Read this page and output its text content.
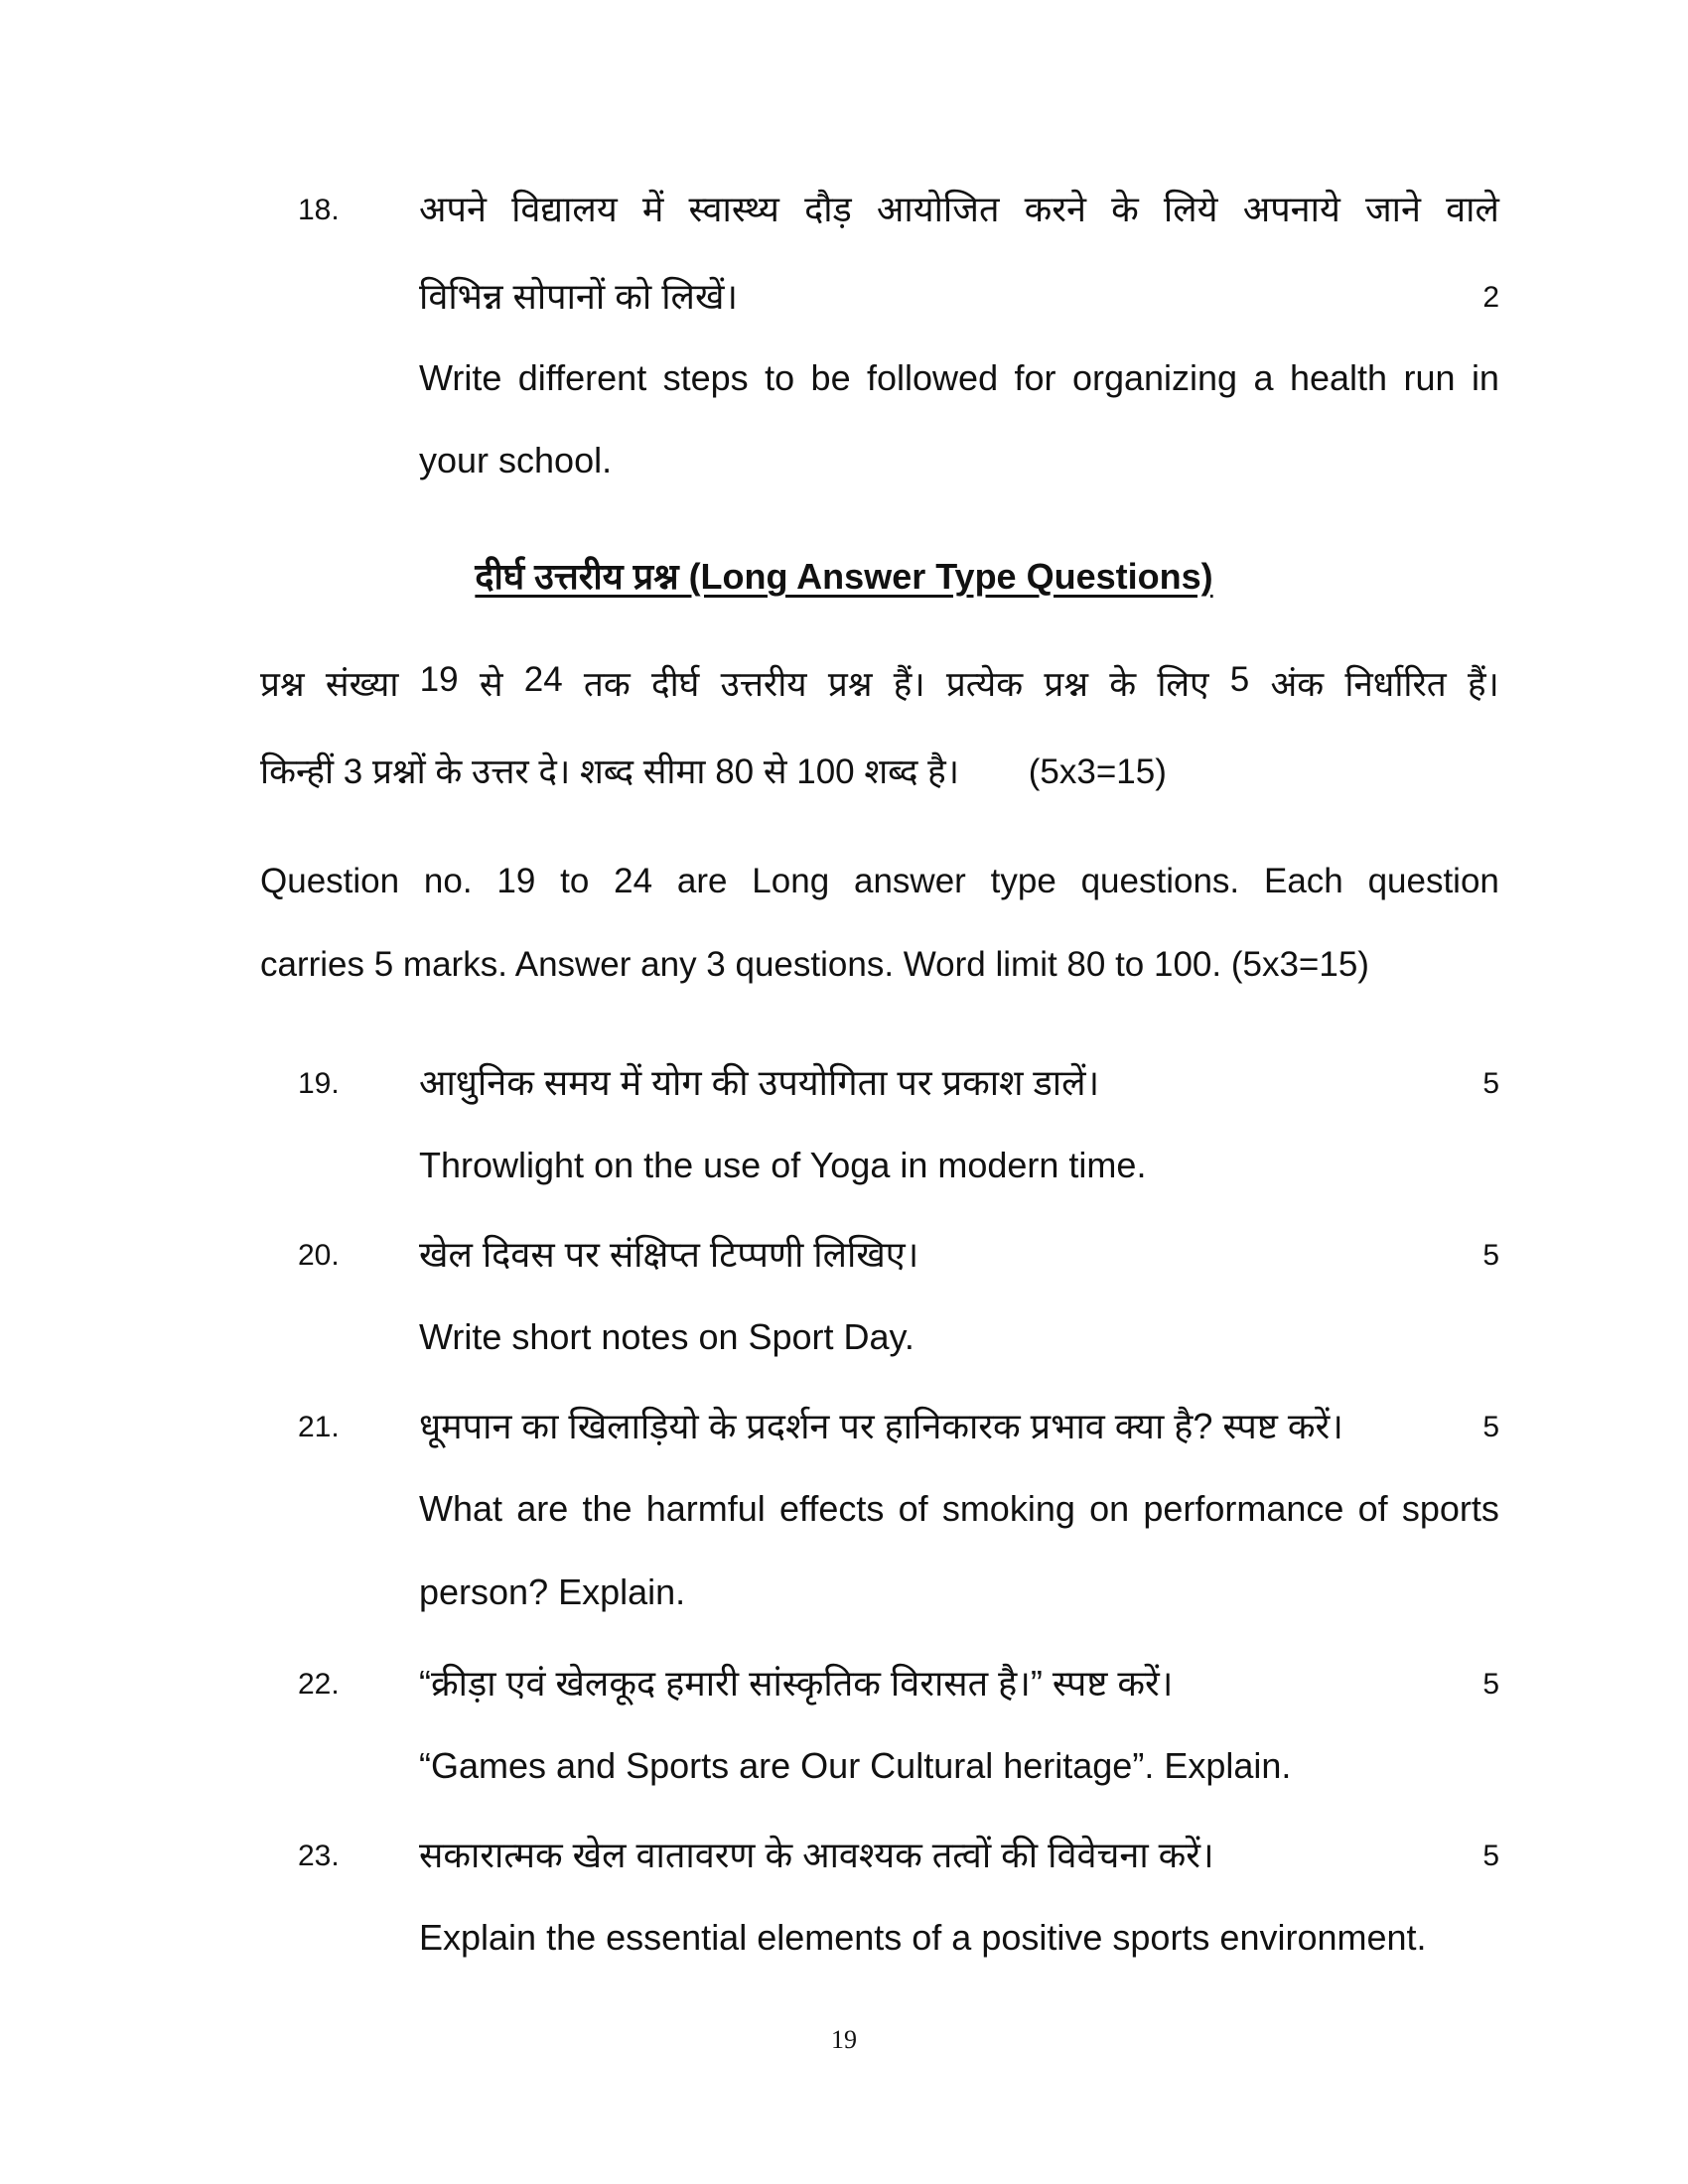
18.	अपने विद्यालय में स्वास्थ्य दौड़ आयोजित करने के लिये अपनाये जाने वाले
विभिन्न सोपानों को लिखें।	2
Write different steps to be followed for organizing a health run in
your school.
दीर्घ उत्तरीय प्रश्न (Long Answer Type Questions)
प्रश्न संख्या 19 से 24 तक दीर्घ उत्तरीय प्रश्न हैं। प्रत्येक प्रश्न के लिए 5 अंक निर्धारित हैं।
किन्हीं 3 प्रश्नों के उत्तर दे। शब्द सीमा 80 से 100 शब्द है। (5x3=15)
Question no. 19 to 24 are Long answer type questions. Each question
carries 5 marks. Answer any 3 questions. Word limit 80 to 100. (5x3=15)
19.	आधुनिक समय में योग की उपयोगिता पर प्रकाश डालें।	5
Throwlight on the use of Yoga in modern time.
20.	खेल दिवस पर संक्षिप्त टिप्पणी लिखिए।	5
Write short notes on Sport Day.
21.	धूमपान का खिलाड़ियो के प्रदर्शन पर हानिकारक प्रभाव क्या है? स्पष्ट करें।	5
What are the harmful effects of smoking on performance of sports
person? Explain.
22.	“क्रीड़ा एवं खेलकूद हमारी सांस्कृतिक विरासत है।” स्पष्ट करें।	5
“Games and Sports are Our Cultural heritage”. Explain.
23.	सकारात्मक खेल वातावरण के आवश्यक तत्वों की विवेचना करें।	5
Explain the essential elements of a positive sports environment.
19
